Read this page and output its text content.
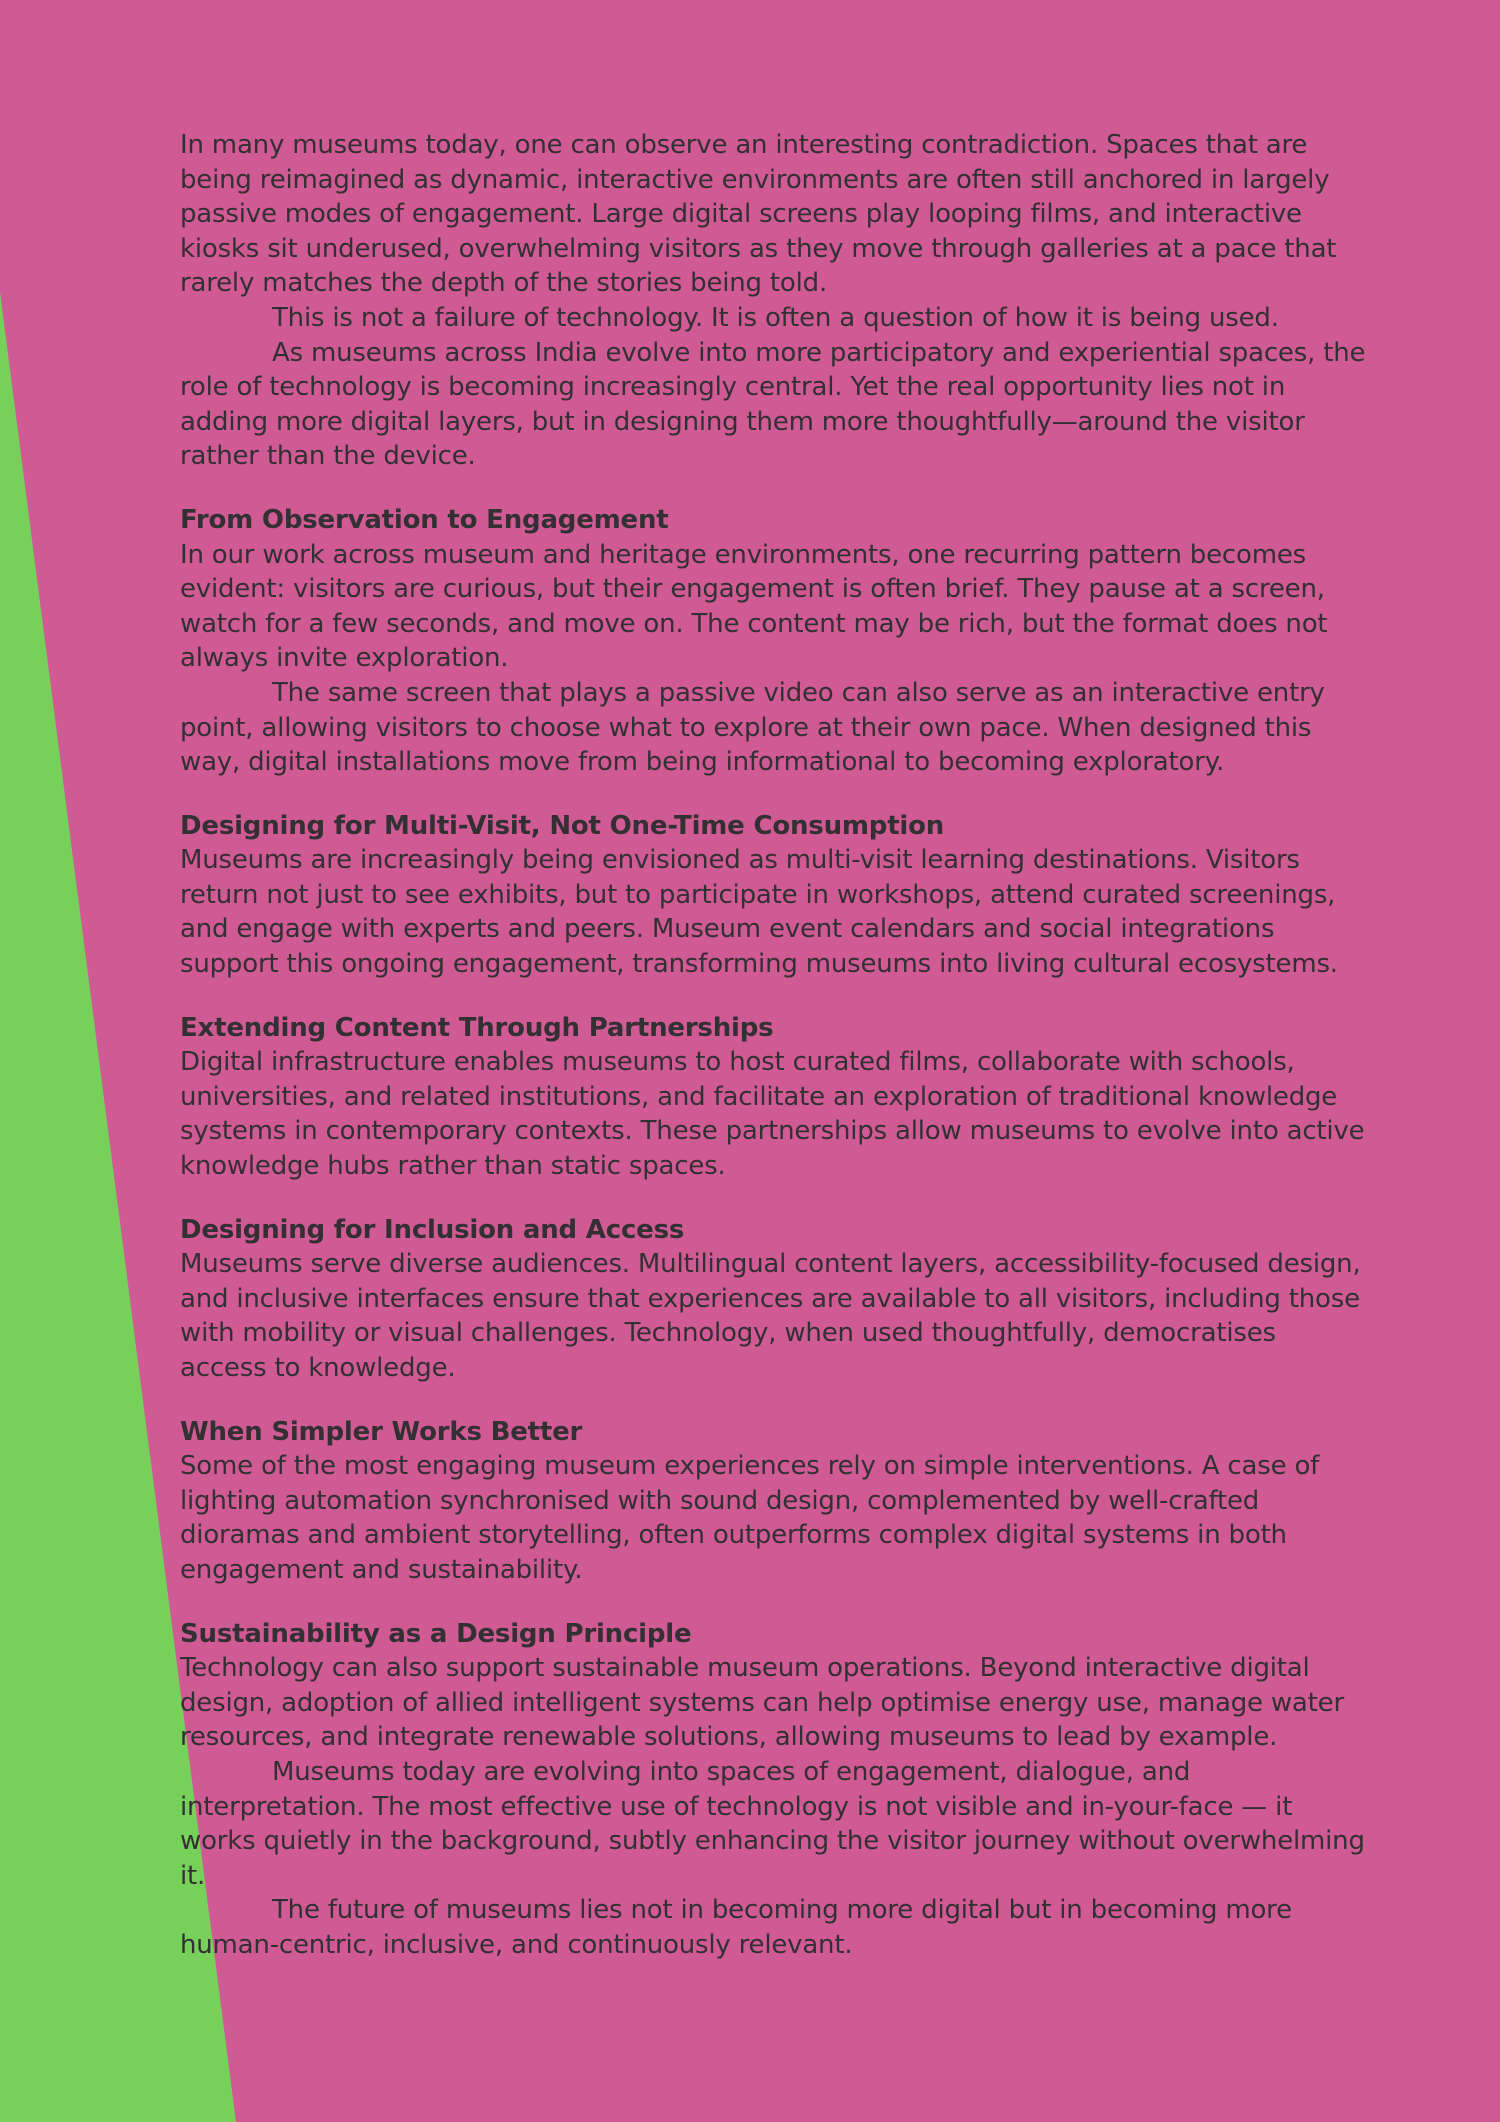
In many museums today, one can observe an interesting contradiction. Spaces that are being reimagined as dynamic, interactive environments are often still anchored in largely passive modes of engagement. Large digital screens play looping films, and interactive kiosks sit underused, overwhelming visitors as they move through galleries at a pace that rarely matches the depth of the stories being told.

This is not a failure of technology. It is often a question of how it is being used.

As museums across India evolve into more participatory and experiential spaces, the role of technology is becoming increasingly central. Yet the real opportunity lies not in adding more digital layers, but in designing them more thoughtfully—around the visitor rather than the device.

From Observation to Engagement

In our work across museum and heritage environments, one recurring pattern becomes evident: visitors are curious, but their engagement is often brief. They pause at a screen, watch for a few seconds, and move on. The content may be rich, but the format does not always invite exploration.

The same screen that plays a passive video can also serve as an interactive entry point, allowing visitors to choose what to explore at their own pace. When designed this way, digital installations move from being informational to becoming exploratory.

Designing for Multi-Visit, Not One-Time Consumption

Museums are increasingly being envisioned as multi-visit learning destinations. Visitors return not just to see exhibits, but to participate in workshops, attend curated screenings, and engage with experts and peers. Museum event calendars and social integrations support this ongoing engagement, transforming museums into living cultural ecosystems.

Extending Content Through Partnerships

Digital infrastructure enables museums to host curated films, collaborate with schools, universities, and related institutions, and facilitate an exploration of traditional knowledge systems in contemporary contexts. These partnerships allow museums to evolve into active knowledge hubs rather than static spaces.

Designing for Inclusion and Access

Museums serve diverse audiences. Multilingual content layers, accessibility-focused design, and inclusive interfaces ensure that experiences are available to all visitors, including those with mobility or visual challenges. Technology, when used thoughtfully, democratises access to knowledge.

When Simpler Works Better

Some of the most engaging museum experiences rely on simple interventions. A case of lighting automation synchronised with sound design, complemented by well-crafted dioramas and ambient storytelling, often outperforms complex digital systems in both engagement and sustainability.

Sustainability as a Design Principle

Technology can also support sustainable museum operations. Beyond interactive digital design, adoption of allied intelligent systems can help optimise energy use, manage water resources, and integrate renewable solutions, allowing museums to lead by example.

Museums today are evolving into spaces of engagement, dialogue, and interpretation. The most effective use of technology is not visible and in-your-face — it works quietly in the background, subtly enhancing the visitor journey without overwhelming it.

The future of museums lies not in becoming more digital but in becoming more human-centric, inclusive, and continuously relevant.
